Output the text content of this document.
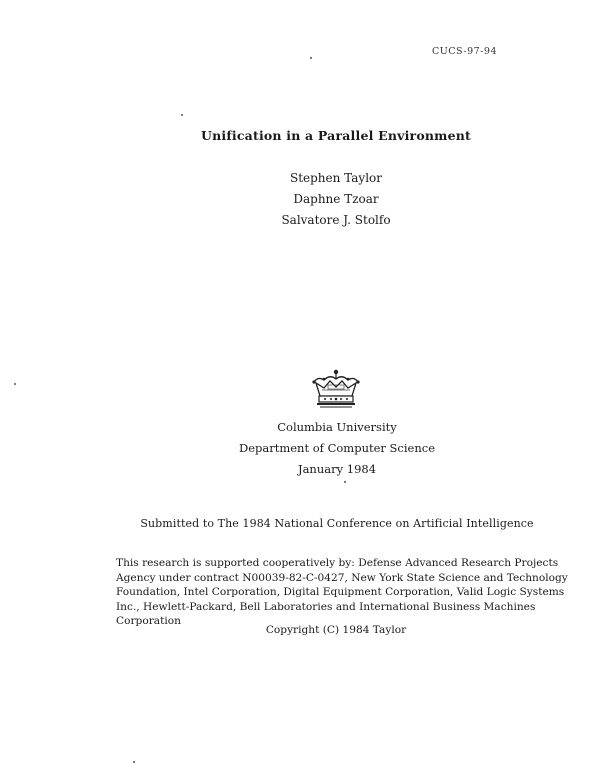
CUCS-97-94
Unification in a Parallel Environment
Stephen Taylor
Daphne Tzoar
Salvatore J. Stolfo
Columbia University
Department of Computer Science
January 1984
Submitted to The 1984 National Conference on Artificial Intelligence
This research is supported cooperatively by: Defense Advanced Research Projects
Agency under contract N00039-82-C-0427, New York State Science and Technology
Foundation, Intel Corporation, Digital Equipment Corporation, Valid Logic Systems
Inc., Hewlett-Packard, Bell Laboratories and International Business Machines
Corporation
Copyright (C) 1984 Taylor
